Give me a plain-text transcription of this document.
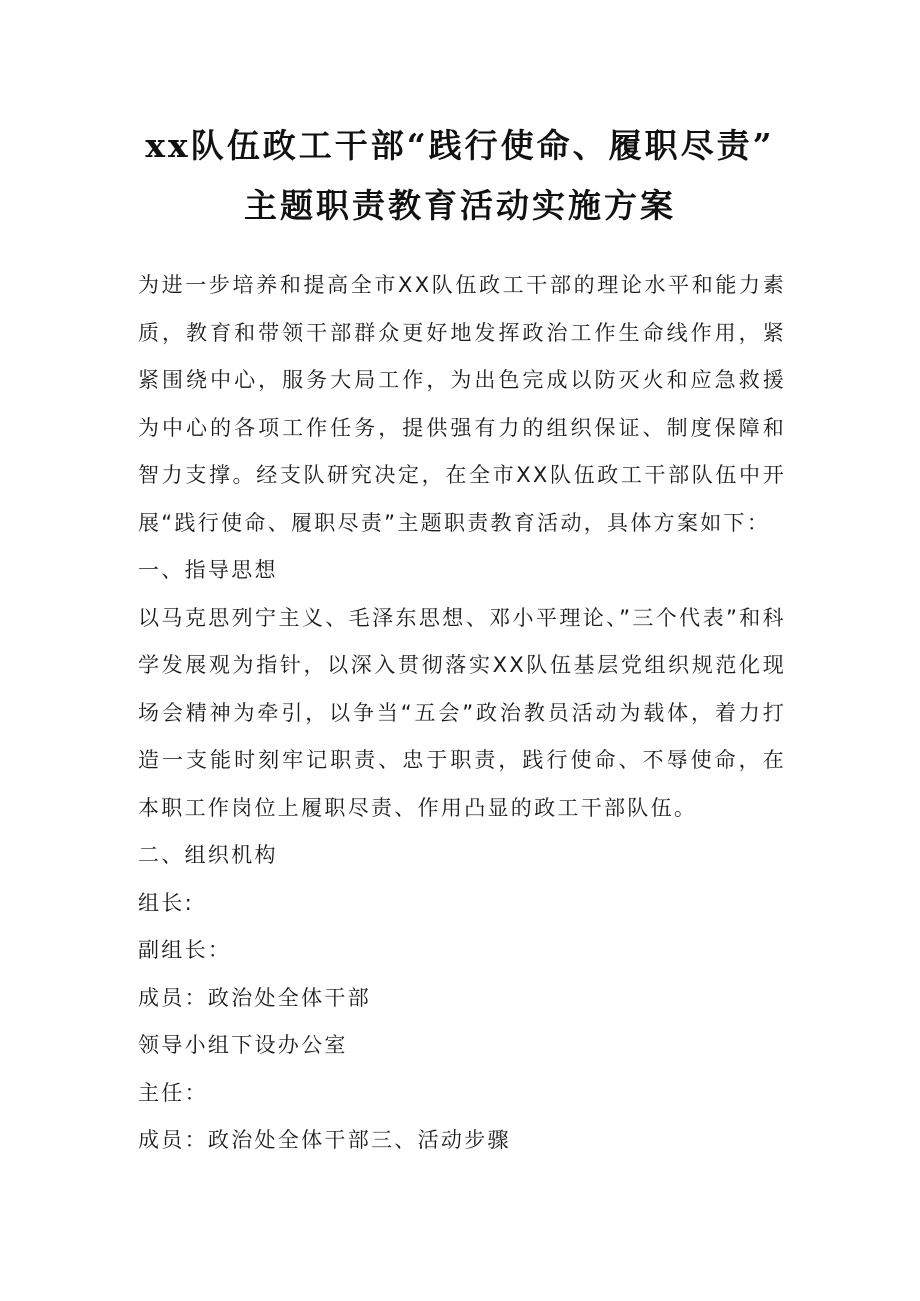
xx队伍政工干部“践行使命、履职尽责”
主题职责教育活动实施方案

为进一步培养和提高全市XX队伍政工干部的理论水平和能力素质，教育和带领干部群众更好地发挥政治工作生命线作用，紧紧围绕中心，服务大局工作，为出色完成以防灭火和应急救援为中心的各项工作任务，提供强有力的组织保证、制度保障和智力支撑。经支队研究决定，在全市XX队伍政工干部队伍中开展“践行使命、履职尽责”主题职责教育活动，具体方案如下：

一、指导思想

以马克思列宁主义、毛泽东思想、邓小平理论、”三个代表”和科学发展观为指针，以深入贯彻落实XX队伍基层党组织规范化现场会精神为牵引，以争当“五会”政治教员活动为载体，着力打造一支能时刻牢记职责、忠于职责，践行使命、不辱使命，在本职工作岗位上履职尽责、作用凸显的政工干部队伍。

二、组织机构

组长:

副组长：

成员：政治处全体干部

领导小组下设办公室

主任：

成员：政治处全体干部三、活动步骤
